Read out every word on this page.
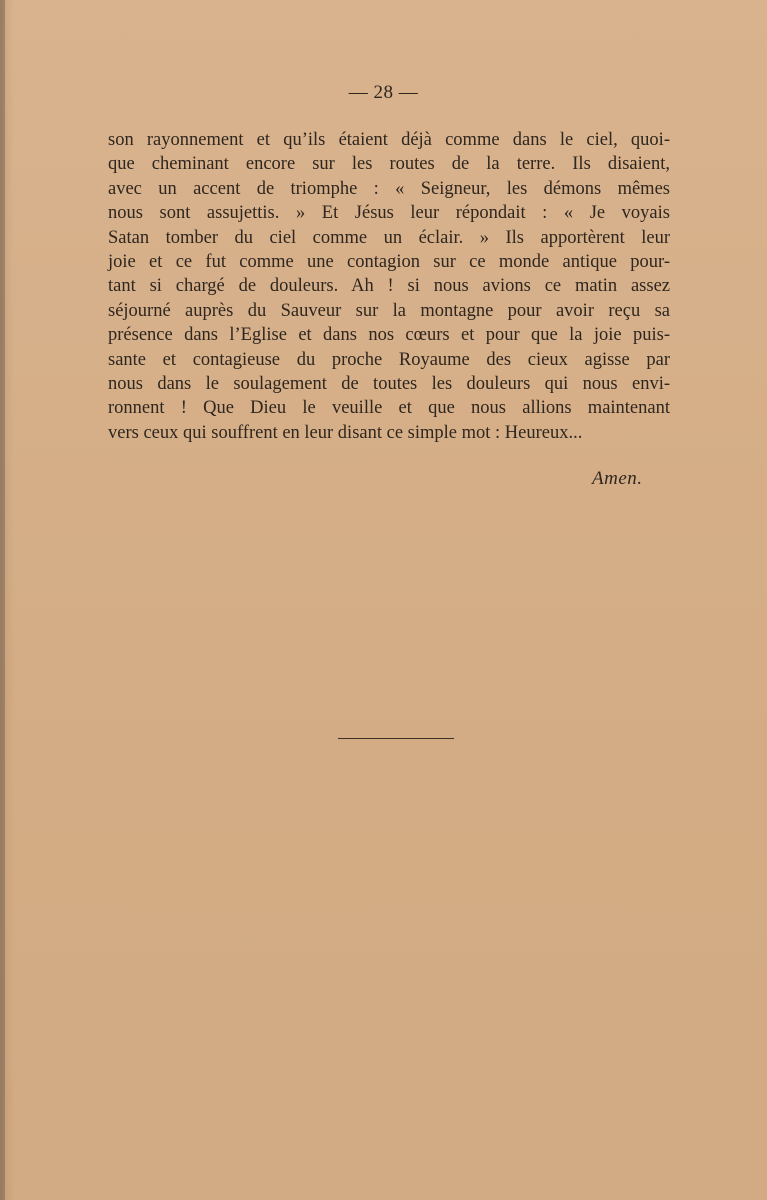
— 28 —
son rayonnement et qu’ils étaient déjà comme dans le ciel, quoi-
que cheminant encore sur les routes de la terre. Ils disaient,
avec un accent de triomphe : « Seigneur, les démons mêmes
nous sont assujettis. » Et Jésus leur répondait : « Je voyais
Satan tomber du ciel comme un éclair. » Ils apportèrent leur
joie et ce fut comme une contagion sur ce monde antique pour-
tant si chargé de douleurs. Ah ! si nous avions ce matin assez
séjourné auprès du Sauveur sur la montagne pour avoir reçu sa
présence dans l’Eglise et dans nos cœurs et pour que la joie puis-
sante et contagieuse du proche Royaume des cieux agisse par
nous dans le soulagement de toutes les douleurs qui nous envi-
ronnent ! Que Dieu le veuille et que nous allions maintenant
vers ceux qui souffrent en leur disant ce simple mot : Heureux...
Amen.
